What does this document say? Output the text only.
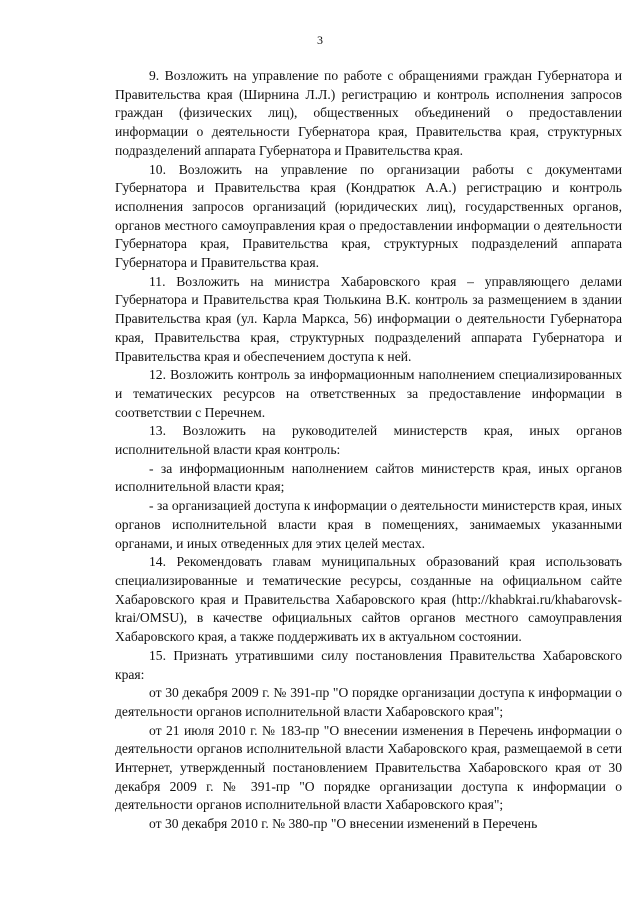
3

9. Возложить на управление по работе с обращениями граждан Губернатора и Правительства края (Ширнина Л.Л.) регистрацию и контроль исполнения запросов граждан (физических лиц), общественных объединений о предоставлении информации о деятельности Губернатора края, Правительства края, структурных подразделений аппарата Губернатора и Правительства края.

10. Возложить на управление по организации работы с документами Губернатора и Правительства края (Кондратюк А.А.) регистрацию и контроль исполнения запросов организаций (юридических лиц), государственных органов, органов местного самоуправления края о предоставлении информации о деятельности Губернатора края, Правительства края, структурных подразделений аппарата Губернатора и Правительства края.

11. Возложить на министра Хабаровского края – управляющего делами Губернатора и Правительства края Тюлькина В.К. контроль за размещением в здании Правительства края (ул. Карла Маркса, 56) информации о деятельности Губернатора края, Правительства края, структурных подразделений аппарата Губернатора и Правительства края и обеспечением доступа к ней.

12. Возложить контроль за информационным наполнением специализированных и тематических ресурсов на ответственных за предоставление информации в соответствии с Перечнем.

13. Возложить на руководителей министерств края, иных органов исполнительной власти края контроль:

- за информационным наполнением сайтов министерств края, иных органов исполнительной власти края;

- за организацией доступа к информации о деятельности министерств края, иных органов исполнительной власти края в помещениях, занимаемых указанными органами, и иных отведенных для этих целей местах.

14. Рекомендовать главам муниципальных образований края использовать специализированные и тематические ресурсы, созданные на официальном сайте Хабаровского края и Правительства Хабаровского края (http://khabkrai.ru/khabarovsk-krai/OMSU), в качестве официальных сайтов органов местного самоуправления Хабаровского края, а также поддерживать их в актуальном состоянии.

15. Признать утратившими силу постановления Правительства Хабаровского края:

от 30 декабря 2009 г. № 391-пр "О порядке организации доступа к информации о деятельности органов исполнительной власти Хабаровского края";

от 21 июля 2010 г. № 183-пр "О внесении изменения в Перечень информации о деятельности органов исполнительной власти Хабаровского края, размещаемой в сети Интернет, утвержденный постановлением Правительства Хабаровского края от 30 декабря 2009 г. № 391-пр "О порядке организации доступа к информации о деятельности органов исполнительной власти Хабаровского края";

от 30 декабря 2010 г. № 380-пр "О внесении изменений в Перечень
